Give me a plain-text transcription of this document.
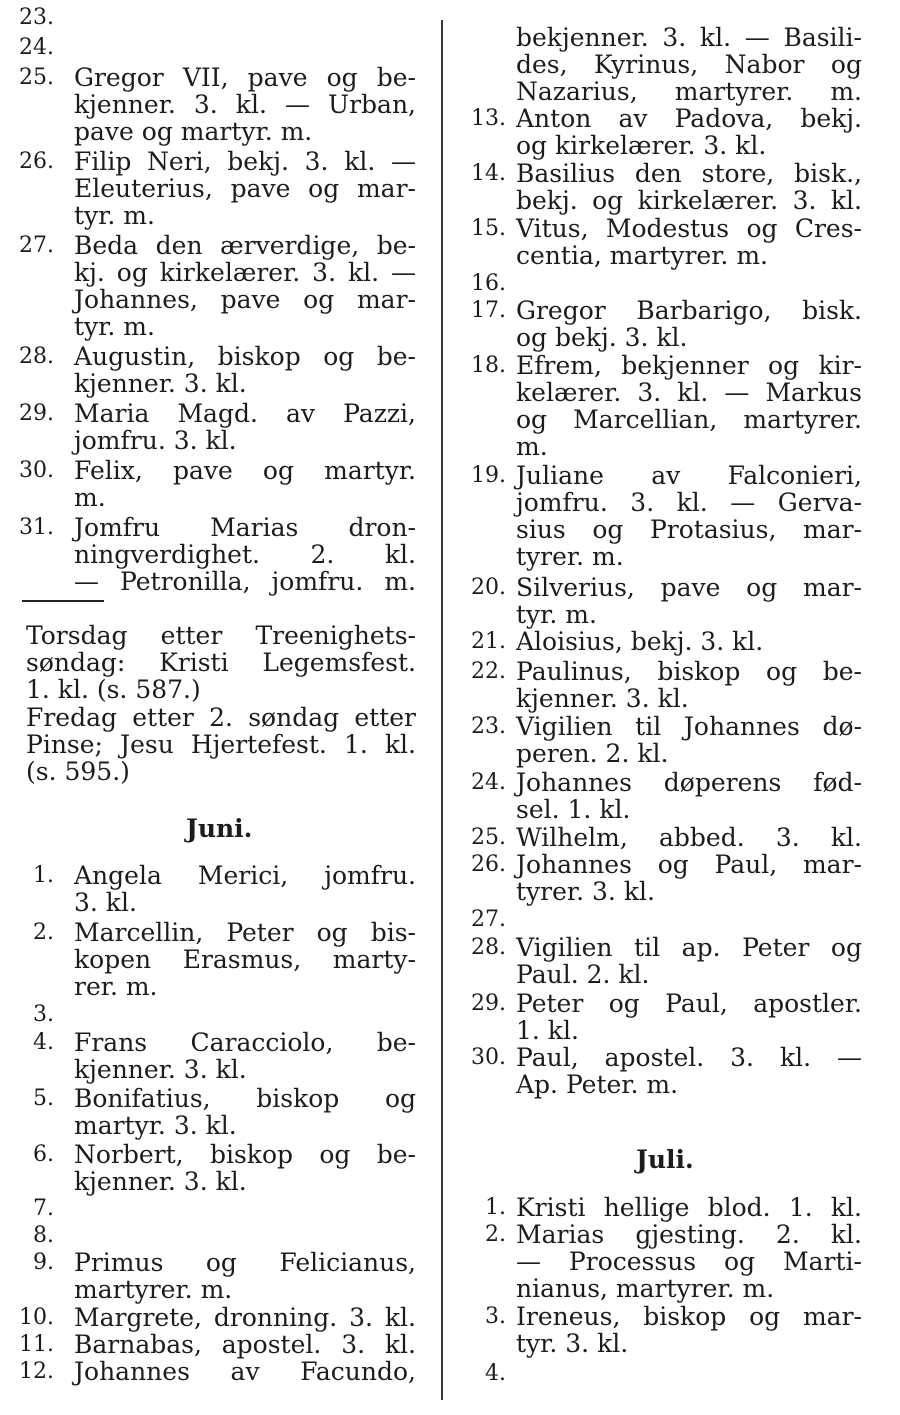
23.
24.
25. Gregor VII, pave og be-
kjenner. 3. kl. — Urban,
pave og martyr. m.
26. Filip Neri, bekj. 3. kl. —
Eleuterius, pave og mar-
tyr. m.
27. Beda den ærverdige, be-
kj. og kirkelærer. 3. kl. —
Johannes, pave og mar-
tyr. m.
28. Augustin, biskop og be-
kjenner. 3. kl.
29. Maria Magd. av Pazzi,
jomfru. 3. kl.
30. Felix, pave og martyr.
m.
31. Jomfru Marias dron-
ningverdighet. 2. kl.
— Petronilla, jomfru. m.
Torsdag etter Treenighets-
søndag: Kristi Legemsfest.
1. kl. (s. 587.)
Fredag etter 2. søndag etter
Pinse; Jesu Hjertefest. 1. kl.
(s. 595.)
1. Angela Merici, jomfru.
3. kl.
2. Marcellin, Peter og bis-
kopen Erasmus, marty-
rer. m.
3.
4. Frans Caracciolo, be-
kjenner. 3. kl.
5. Bonifatius, biskop og
martyr. 3. kl.
6. Norbert, biskop og be-
kjenner. 3. kl.
7.
8.
9. Primus og Felicianus,
martyrer. m.
10. Margrete, dronning. 3. kl.
11. Barnabas, apostel. 3. kl.
12. Johannes av Facundo,
bekjenner. 3. kl. — Basili-
des, Kyrinus, Nabor og
Nazarius, martyrer. m.
13. Anton av Padova, bekj.
og kirkelærer. 3. kl.
14. Basilius den store, bisk.,
bekj. og kirkelærer. 3. kl.
15. Vitus, Modestus og Cres-
centia, martyrer. m.
16.
17. Gregor Barbarigo, bisk.
og bekj. 3. kl.
18. Efrem, bekjenner og kir-
kelærer. 3. kl. — Markus
og Marcellian, martyrer.
m.
19. Juliane av Falconieri,
jomfru. 3. kl. — Gerva-
sius og Protasius, mar-
tyrer. m.
20. Silverius, pave og mar-
tyr. m.
21. Aloisius, bekj. 3. kl.
22. Paulinus, biskop og be-
kjenner. 3. kl.
23. Vigilien til Johannes dø-
peren. 2. kl.
24. Johannes døperens fød-
sel. 1. kl.
25. Wilhelm, abbed. 3. kl.
26. Johannes og Paul, mar-
tyrer. 3. kl.
27.
28. Vigilien til ap. Peter og
Paul. 2. kl.
29. Peter og Paul, apostler.
1. kl.
30. Paul, apostel. 3. kl. —
Ap. Peter. m.
1. Kristi hellige blod. 1. kl.
2. Marias gjesting. 2. kl.
— Processus og Marti-
nianus, martyrer. m.
3. Ireneus, biskop og mar-
tyr. 3. kl.
4.
Juni.
Juli.
